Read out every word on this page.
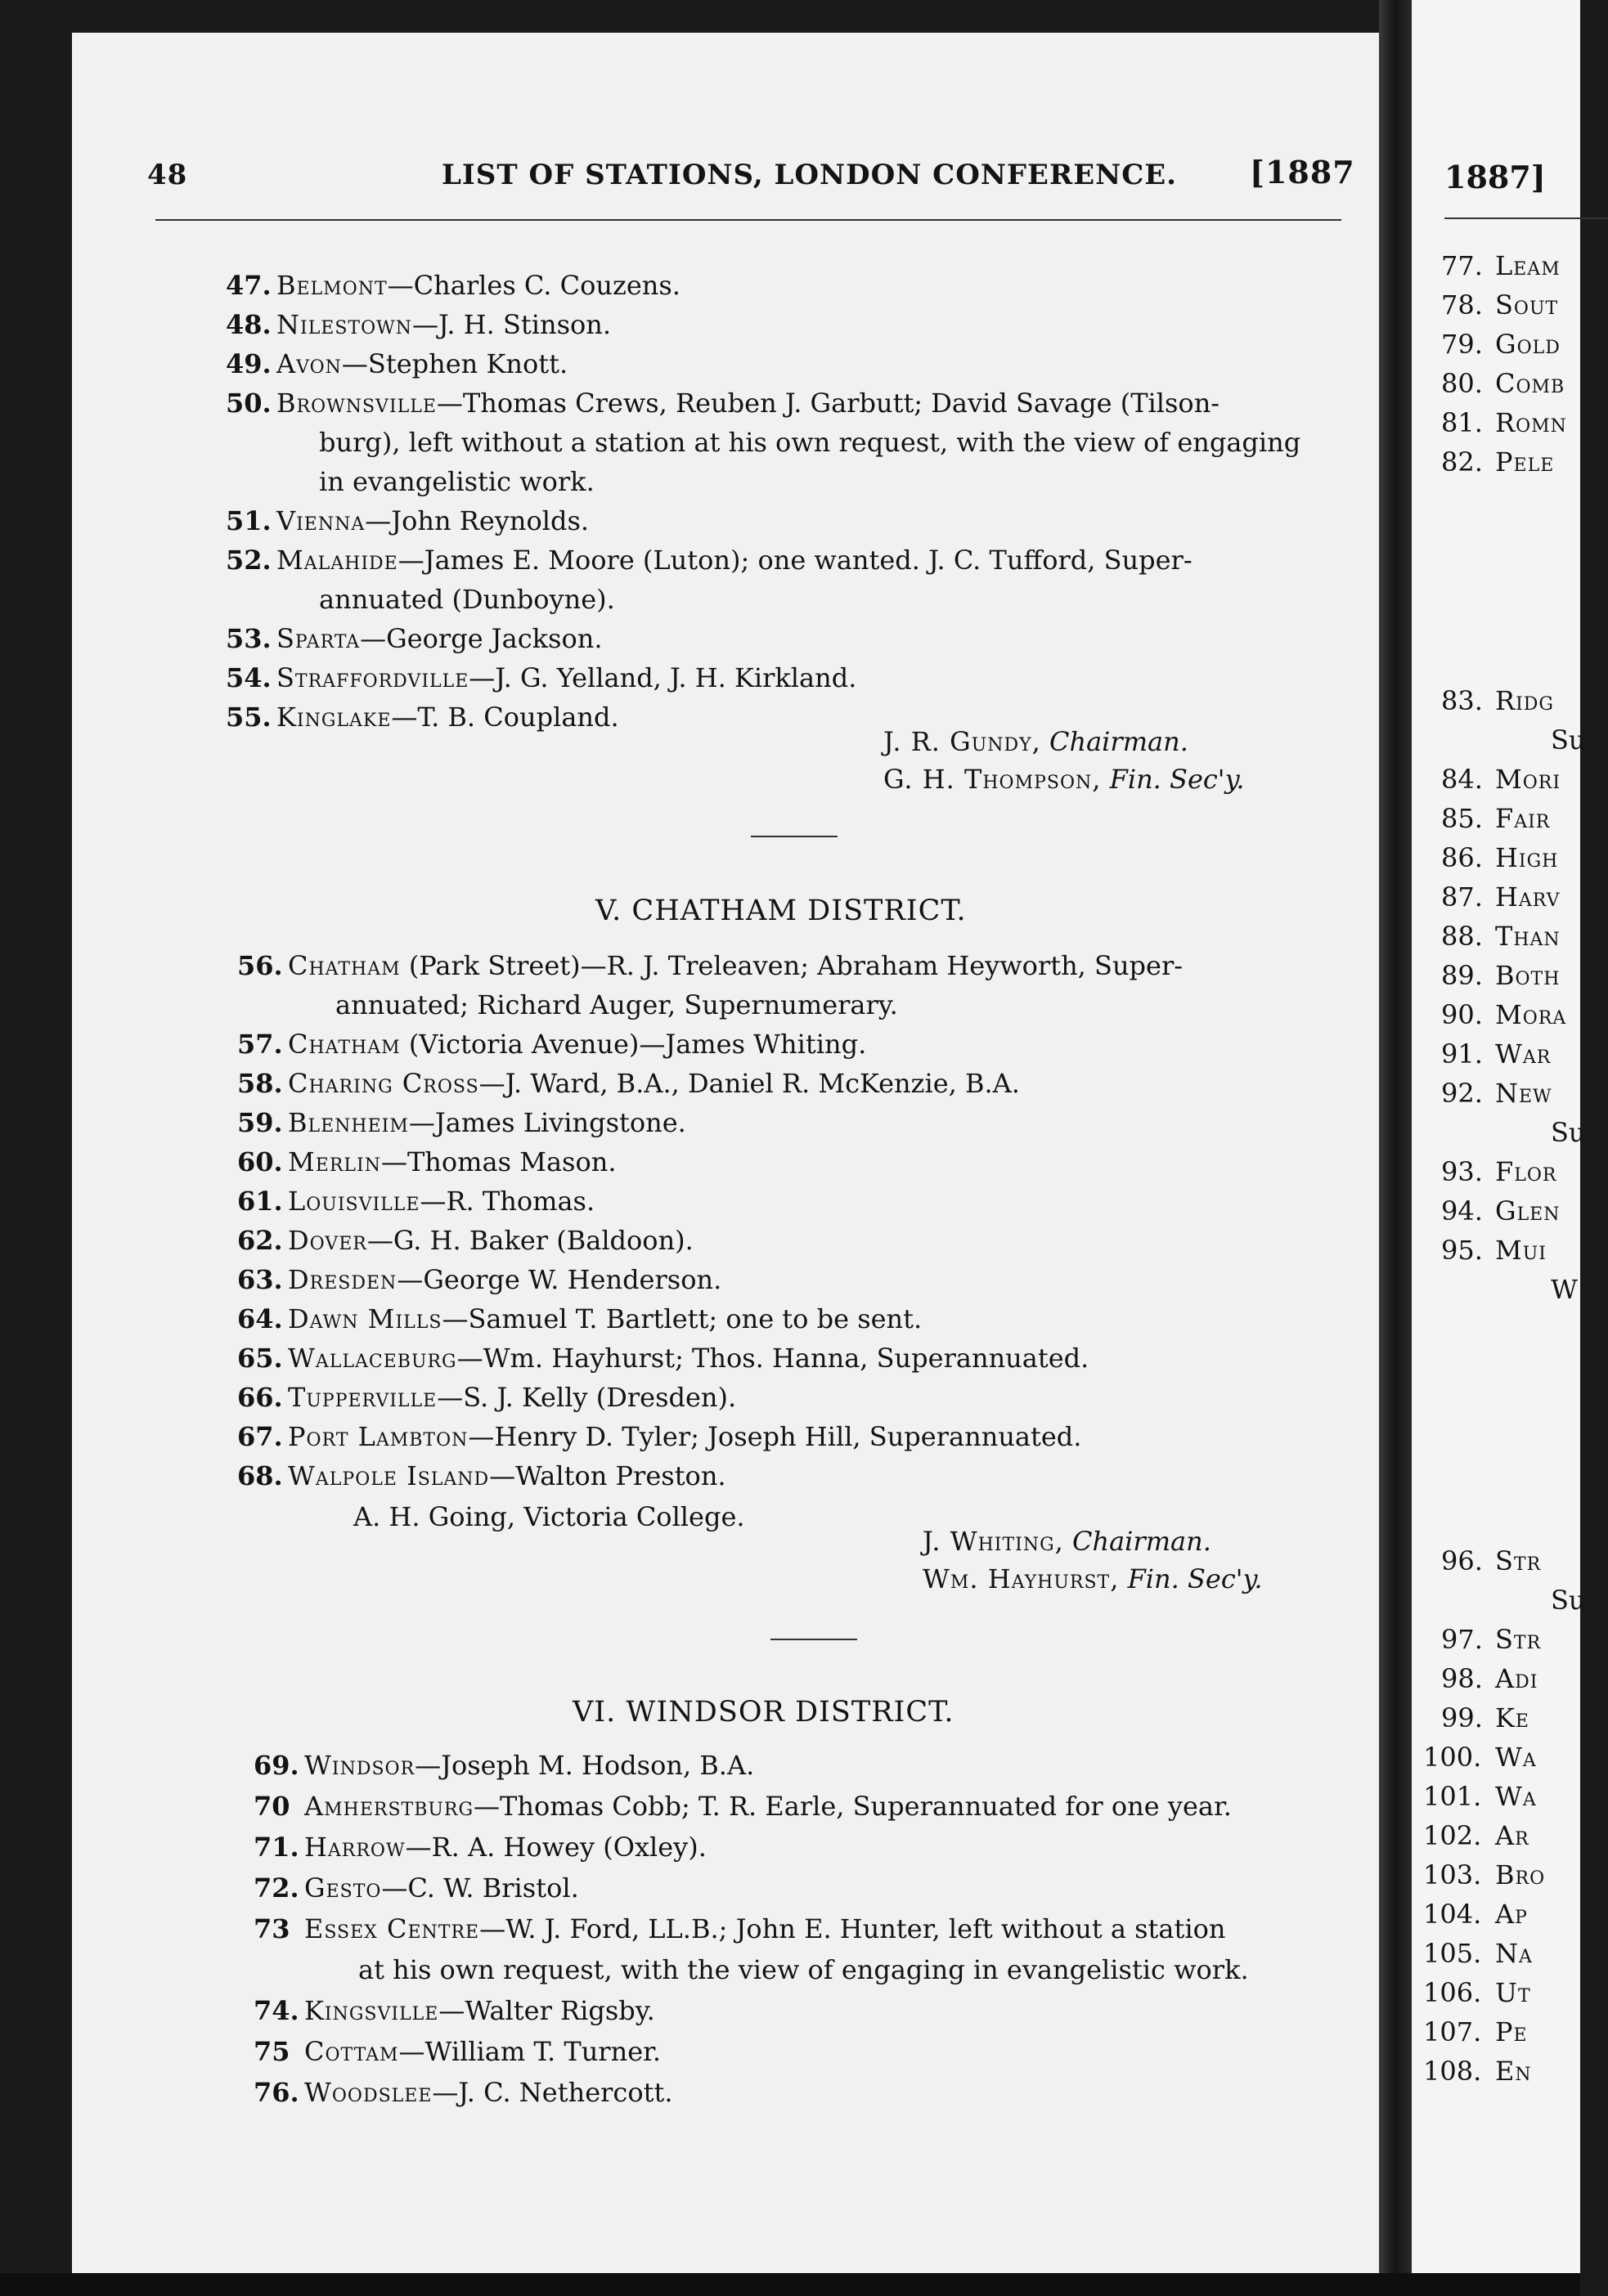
1887]
77. Leam
78. Sout
79. Gold
80. Comb
81. Romn
82. Pele
83. Ridg
Su
84. Mori
85. Fair
86. High
87. Harv
88. Than
89. Both
90. Mora
91. War
92. New
Su
93. Flor
94. Glen
95. Mui
W
96. Str
Su
97. Str
98. Adi
99. Ke
100. Wa
101. Wa
102. Ar
103. Bro
104. Ap
105. Na
106. Ut
107. Pe
108. En
48	LIST OF STATIONS, LONDON CONFERENCE. [1887
47. Belmont—Charles C. Couzens.
48. Nilestown—J. H. Stinson.
49. Avon—Stephen Knott.
50. Brownsville—Thomas Crews, Reuben J. Garbutt; David Savage (Tilson-
burg), left without a station at his own request, with the view of engaging
in evangelistic work.
51. Vienna—John Reynolds.
52. Malahide—James E. Moore (Luton); one wanted. J. C. Tufford, Super-
annuated (Dunboyne).
53. Sparta—George Jackson.
54. Straffordville—J. G. Yelland, J. H. Kirkland.
55. Kinglake—T. B. Coupland.
56. Chatham (Park Street)—R. J. Treleaven; Abraham Heyworth, Super-
annuated; Richard Auger, Supernumerary.
57. Chatham (Victoria Avenue)—James Whiting.
58. Charing Cross—J. Ward, B.A., Daniel R. McKenzie, B.A.
59. Blenheim—James Livingstone.
60. Merlin—Thomas Mason.
61. Louisville—R. Thomas.
62. Dover—G. H. Baker (Baldoon).
63. Dresden—George W. Henderson.
64. Dawn Mills—Samuel T. Bartlett; one to be sent.
65. Wallaceburg—Wm. Hayhurst; Thos. Hanna, Superannuated.
66. Tupperville—S. J. Kelly (Dresden).
67. Port Lambton—Henry D. Tyler; Joseph Hill, Superannuated.
68. Walpole Island—Walton Preston.
69. Windsor—Joseph M. Hodson, B.A.
70 Amherstburg—Thomas Cobb; T. R. Earle, Superannuated for one year.
71. Harrow—R. A. Howey (Oxley).
72. Gesto—C. W. Bristol.
73 Essex Centre—W. J. Ford, LL.B.; John E. Hunter, left without a station
at his own request, with the view of engaging in evangelistic work.
74. Kingsville—Walter Rigsby.
75 Cottam—William T. Turner.
76. Woodslee—J. C. Nethercott.
J. R. Gundy, Chairman.
G. H. Thompson, Fin. Sec'y.
V. CHATHAM DISTRICT.
A. H. Going, Victoria College.
J. Whiting, Chairman.
Wm. Hayhurst, Fin. Sec'y.
VI. WINDSOR DISTRICT.
